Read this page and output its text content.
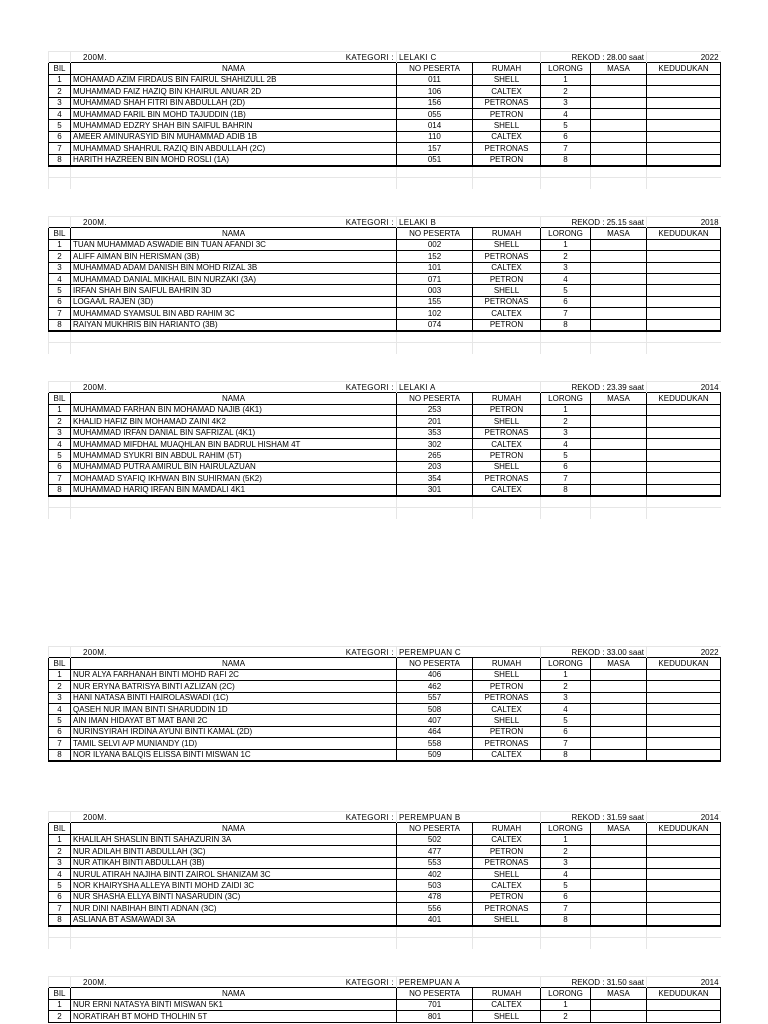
	200M. KATEGORI :	LELAKI C		REKOD : 28.00 saat		2022
BIL	NAMA	NO PESERTA	RUMAH	LORONG	MASA	KEDUDUKAN
1	MOHAMAD AZIM FIRDAUS BIN FAIRUL SHAHIZULL 2B	011	SHELL	1		
2	MUHAMMAD FAIZ HAZIQ BIN KHAIRUL ANUAR 2D	106	CALTEX	2		
3	MUHAMMAD SHAH FITRI BIN ABDULLAH (2D)	156	PETRONAS	3		
4	MUHAMMAD FARIL BIN MOHD TAJUDDIN (1B)	055	PETRON	4		
5	MUHAMMAD EDZRY SHAH BIN SAIFUL BAHRIN	014	SHELL	5		
6	AMEER AMINURASYID BIN MUHAMMAD ADIB 1B	110	CALTEX	6		
7	MUHAMMAD SHAHRUL RAZIQ BIN ABDULLAH (2C)	157	PETRONAS	7		
8	HARITH HAZREEN BIN MOHD ROSLI (1A)	051	PETRON	8		

	200M. KATEGORI :	LELAKI B		REKOD : 25.15 saat		2018
BIL	NAMA	NO PESERTA	RUMAH	LORONG	MASA	KEDUDUKAN
1	TUAN MUHAMMAD ASWADIE BIN TUAN AFANDI 3C	002	SHELL	1		
2	ALIFF AIMAN BIN HERISMAN (3B)	152	PETRONAS	2		
3	MUHAMMAD ADAM DANISH BIN MOHD RIZAL 3B	101	CALTEX	3		
4	MUHAMMAD DANIAL MIKHAIL BIN NURZAKI (3A)	071	PETRON	4		
5	IRFAN SHAH BIN SAIFUL BAHRIN 3D	003	SHELL	5		
6	LOGAA/L RAJEN (3D)	155	PETRONAS	6		
7	MUHAMMAD SYAMSUL BIN ABD RAHIM 3C	102	CALTEX	7		
8	RAIYAN MUKHRIS BIN HARIANTO (3B)	074	PETRON	8		

	200M. KATEGORI :	LELAKI A		REKOD : 23.39 saat		2014
BIL	NAMA	NO PESERTA	RUMAH	LORONG	MASA	KEDUDUKAN
1	MUHAMMAD FARHAN BIN MOHAMAD NAJIB (4K1)	253	PETRON	1		
2	KHALID HAFIZ BIN MOHAMAD ZAINI 4K2	201	SHELL	2		
3	MUHAMMAD IRFAN DANIAL BIN SAFRIZAL (4K1)	353	PETRONAS	3		
4	MUHAMMAD MIFDHAL MUAQHLAN BIN BADRUL HISHAM 4T	302	CALTEX	4		
5	MUHAMMAD SYUKRI BIN ABDUL RAHIM (5T)	265	PETRON	5		
6	MUHAMMAD PUTRA AMIRUL BIN HAIRULAZUAN	203	SHELL	6		
7	MOHAMAD SYAFIQ IKHWAN BIN SUHIRMAN (5K2)	354	PETRONAS	7		
8	MUHAMMAD HARIQ IRFAN BIN MAMDALI 4K1	301	CALTEX	8		

	200M. KATEGORI :	PEREMPUAN C		REKOD : 33.00 saat		2022
BIL	NAMA	NO PESERTA	RUMAH	LORONG	MASA	KEDUDUKAN
1	NUR ALYA FARHANAH BINTI MOHD RAFI 2C	406	SHELL	1		
2	NUR ERYNA BATRISYA BINTI AZLIZAN (2C)	462	PETRON	2		
3	HANI NATASA BINTI HAIROLASWADI (1C)	557	PETRONAS	3		
4	QASEH NUR IMAN BINTI SHARUDDIN 1D	508	CALTEX	4		
5	AIN IMAN HIDAYAT BT MAT BANI 2C	407	SHELL	5		
6	NURINSYIRAH IRDINA AYUNI BINTI KAMAL (2D)	464	PETRON	6		
7	TAMIL SELVI A/P MUNIANDY (1D)	558	PETRONAS	7		
8	NOR ILYANA BALQIS ELISSA BINTI MISWAN 1C	509	CALTEX	8		
	200M. KATEGORI :	PEREMPUAN B		REKOD : 31.59 saat		2014
BIL	NAMA	NO PESERTA	RUMAH	LORONG	MASA	KEDUDUKAN
1	KHALILAH SHASLIN BINTI SAHAZURIN 3A	502	CALTEX	1		
2	NUR ADILAH BINTI ABDULLAH (3C)	477	PETRON	2		
3	NUR ATIKAH BINTI ABDULLAH (3B)	553	PETRONAS	3		
4	NURUL ATIRAH NAJIHA BINTI ZAIROL SHANIZAM 3C	402	SHELL	4		
5	NOR KHAIRYSHA ALLEYA BINTI MOHD ZAIDI 3C	503	CALTEX	5		
6	NUR SHASHA ELLYA BINTI NASARUDIN (3C)	478	PETRON	6		
7	NUR DINI NABIHAH BINTI ADNAN (3C)	556	PETRONAS	7		
8	ASLIANA BT ASMAWADI 3A	401	SHELL	8		

	200M. KATEGORI :	PEREMPUAN A		REKOD : 31.50 saat		2014
BIL	NAMA	NO PESERTA	RUMAH	LORONG	MASA	KEDUDUKAN
1	NUR ERNI NATASYA BINTI MISWAN 5K1	701	CALTEX	1		
2	NORATIRAH BT MOHD THOLHIN 5T	801	SHELL	2		
